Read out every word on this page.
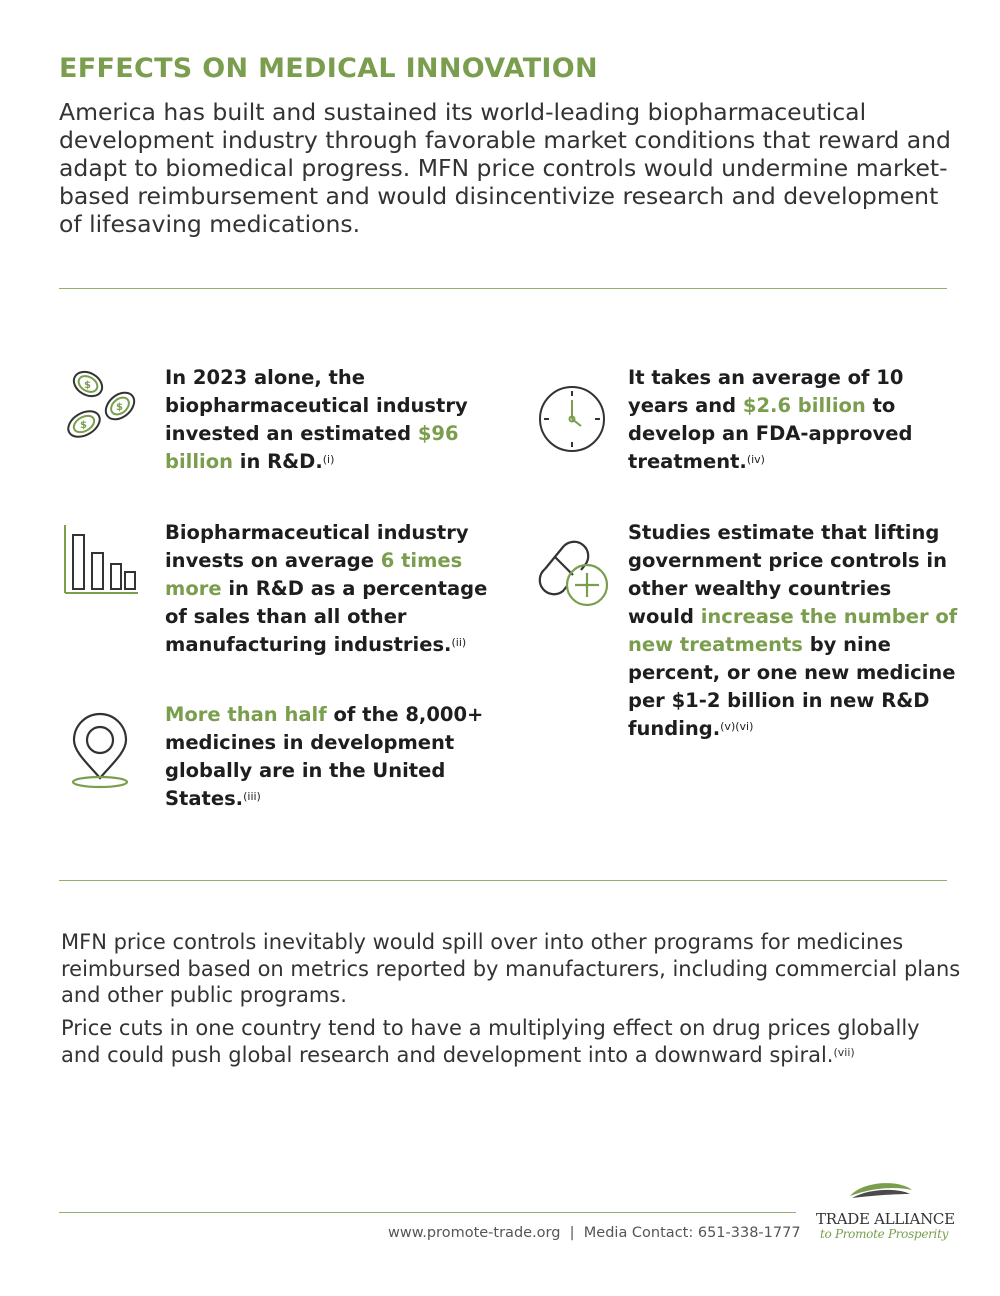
EFFECTS ON MEDICAL INNOVATION

America has built and sustained its world-leading biopharmaceutical development industry through favorable market conditions that reward and adapt to biomedical progress. MFN price controls would undermine market-based reimbursement and would disincentivize research and development of lifesaving medications.

$
$
$

In 2023 alone, the biopharmaceutical industry invested an estimated $96 billion in R&D.$^{(i)}$

It takes an average of 10 years and $2.6 billion to develop an FDA-approved treatment.$^{(iv)}$

Biopharmaceutical industry invests on average 6 times more in R&D as a percentage of sales than all other manufacturing industries.$^{(ii)}$

Studies estimate that lifting government price controls in other wealthy countries would increase the number of new treatments by nine percent, or one new medicine per $1-2 billion in new R&D funding.$^{(v)(vi)}$

More than half of the 8,000+ medicines in development globally are in the United States.$^{(iii)}$

MFN price controls inevitably would spill over into other programs for medicines reimbursed based on metrics reported by manufacturers, including commercial plans and other public programs.

Price cuts in one country tend to have a multiplying effect on drug prices globally and could push global research and development into a downward spiral.$^{(vii)}$

www.promote-trade.org  |  Media Contact: 651-338-1777
TRADE ALLIANCE
to Promote Prosperity
